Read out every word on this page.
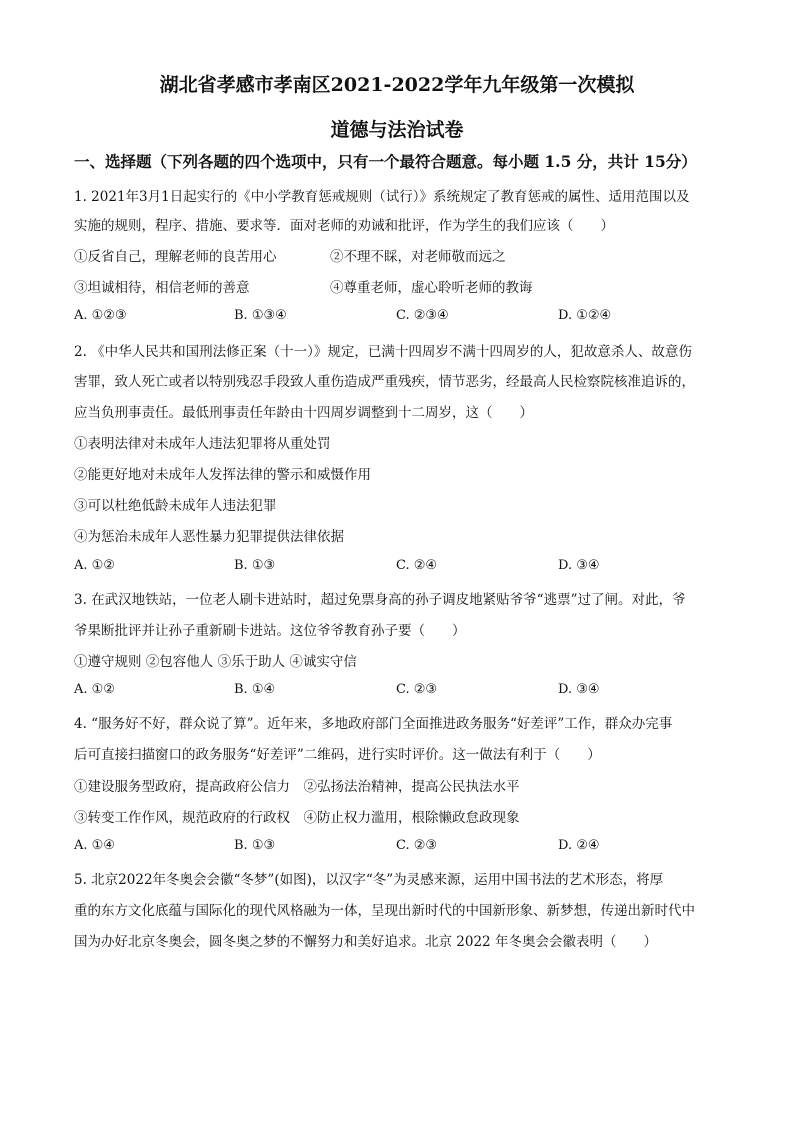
湖北省孝感市孝南区2021-2022学年九年级第一次模拟
道德与法治试卷
一、选择题（下列各题的四个选项中，只有一个最符合题意。每小题 1.5 分，共计 15分）
1. 2021年3月1日起实行的《中小学教育惩戒规则（试行）》系统规定了教育惩戒的属性、适用范围以及
实施的规则，程序、措施、要求等．面对老师的劝诫和批评，作为学生的我们应该（　　）
①反省自己，理解老师的良苦用心	②不理不睬，对老师敬而远之
③坦诚相待，相信老师的善意	④尊重老师，虚心聆听老师的教诲
A. ①②③	B. ①③④	C. ②③④	D. ①②④
2. 《中华人民共和国刑法修正案（十一）》规定，已满十四周岁不满十四周岁的人，犯故意杀人、故意伤
害罪，致人死亡或者以特别残忍手段致人重伤造成严重残疾，情节恶劣，经最高人民检察院核准追诉的，
应当负刑事责任。最低刑事责任年龄由十四周岁调整到十二周岁，这（　　）
①表明法律对未成年人违法犯罪将从重处罚
②能更好地对未成年人发挥法律的警示和威慑作用
③可以杜绝低龄未成年人违法犯罪
④为惩治未成年人恶性暴力犯罪提供法律依据
A. ①②	B. ①③	C. ②④	D. ③④
3. 在武汉地铁站，一位老人刷卡进站时，超过免票身高的孙子调皮地紧贴爷爷“逃票”过了闸。对此，爷
爷果断批评并让孙子重新刷卡进站。这位爷爷教育孙子要（　　）
①遵守规则 ②包容他人 ③乐于助人 ④诚实守信
A. ①②	B. ①④	C. ②③	D. ③④
4. “服务好不好，群众说了算”。近年来，多地政府部门全面推进政务服务“好差评”工作，群众办完事
后可直接扫描窗口的政务服务“好差评”二维码，进行实时评价。这一做法有利于（　　）
①建设服务型政府，提高政府公信力　②弘扬法治精神，提高公民执法水平
③转变工作作风，规范政府的行政权　④防止权力滥用，根除懒政怠政现象
A. ①④	B. ①③	C. ②③	D. ②④
5. 北京2022年冬奥会会徽“冬梦”(如图)，以汉字“冬”为灵感来源，运用中国书法的艺术形态，将厚
重的东方文化底蕴与国际化的现代风格融为一体，呈现出新时代的中国新形象、新梦想，传递出新时代中
国为办好北京冬奥会，圆冬奥之梦的不懈努力和美好追求。北京 2022 年冬奥会会徽表明（　　）
